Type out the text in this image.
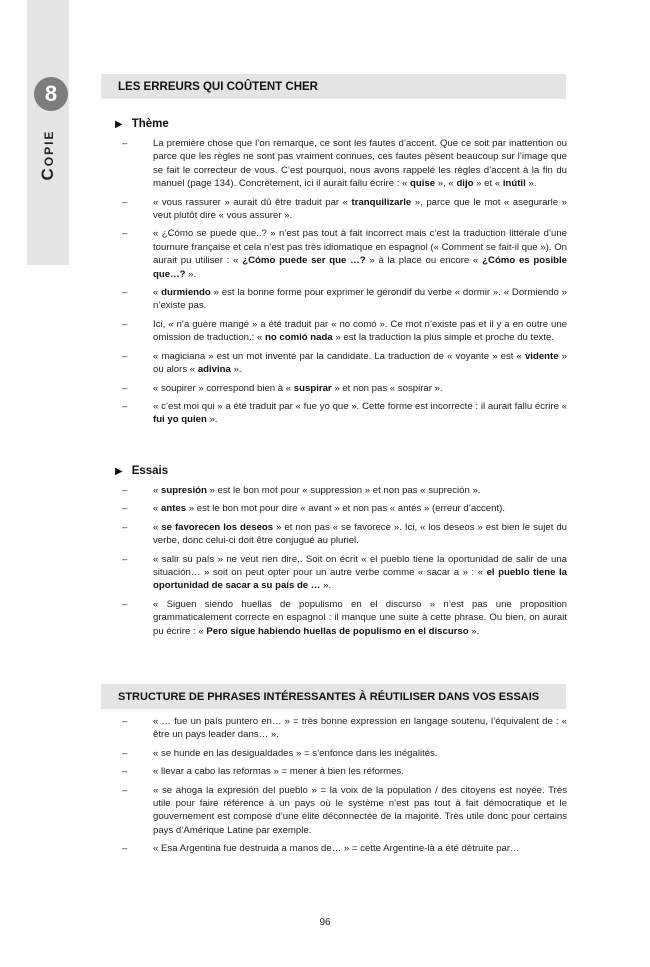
8
Copie
LES ERREURS QUI COÛTENT CHER
▶ Thème
–	La première chose que l’on remarque, ce sont les fautes d’accent. Que ce soit par inattention ou parce que les règles ne sont pas vraiment connues, ces fautes pèsent beaucoup sur l’image que se fait le correcteur de vous. C’est pourquoi, nous avons rappelé les règles d’accent à la fin du manuel (page 134). Concrètement, ici il aurait fallu écrire : « quise », « dijo » et « inútil ».
–	« vous rassurer » aurait dû être traduit par « tranquilizarle », parce que le mot « asegurarle » veut plutôt dire « vous assurer ».
–	« ¿Cómo se puede que..? » n’est pas tout à fait incorrect mais c’est la traduction littérale d’une tournure française et cela n’est pas très idiomatique en espagnol (« Comment se fait-il que »). On aurait pu utiliser : « ¿Cómo puede ser que …? » à la place ou encore « ¿Cómo es posible que…? ».
–	« durmiendo » est la bonne forme pour exprimer le gérondif du verbe « dormir ». « Dormiendo » n’existe pas.
–	Ici, « n’a guère mangé » a été traduit par « no comó ». Ce mot n’existe pas et il y a en outre une omission de traduction.: « no comió nada » est la traduction la plus simple et proche du texte.
–	« magiciana » est un mot inventé par la candidate. La traduction de « voyante » est « vidente » ou alors « adivina ».
–	« soupirer » correspond bien à « suspirar » et non pas « sospirar ».
–	« c’est moi qui » a été traduit par « fue yo que ». Cette forme est incorrecte : il aurait fallu écrire « fui yo quien ».
▶ Essais
–	« supresión » est le bon mot pour « suppression » et non pas « supreción ».
–	« antes » est le bon mot pour dire « avant » et non pas « antés » (erreur d’accent).
–	« se favorecen los deseos » et non pas « se favorece ». Ici, « los deseos » est bien le sujet du verbe, donc celui-ci doit être conjugué au pluriel.
–	« salir su país » ne veut rien dire,. Soit on écrit « el pueblo tiene la oportunidad de salir de una situación… » soit on peut opter pour un autre verbe comme « sacar a » : « el pueblo tiene la oportunidad de sacar a su país de … ».
–	« Siguen siendo huellas de populismo en el discurso » n’est pas une proposition grammaticalement correcte en espagnol : il manque une suite à cette phrase. Ou bien, on aurait pu écrire : « Pero sigue habiendo huellas de populismo en el discurso ».
STRUCTURE DE PHRASES INTÉRESSANTES À RÉUTILISER DANS VOS ESSAIS
–	« … fue un país puntero en… » = très bonne expression en langage soutenu, l’équivalent de : « être un pays leader dans… ».
–	« se hunde en las desigualdades » = s’enfonce dans les inégalités.
–	« llevar a cabo las reformas » = mener à bien les réformes.
–	« se ahoga la expresión del pueblo » = la voix de la population / des citoyens est noyée. Très utile pour faire référence à un pays où le système n’est pas tout à fait démocratique et le gouvernement est composé d’une élite déconnectée de la majorité. Très utile donc pour certains pays d’Amérique Latine par exemple.
–	« Esa Argentina fue destruida a manos de… » = cette Argentine-là a été détruite par…
96
